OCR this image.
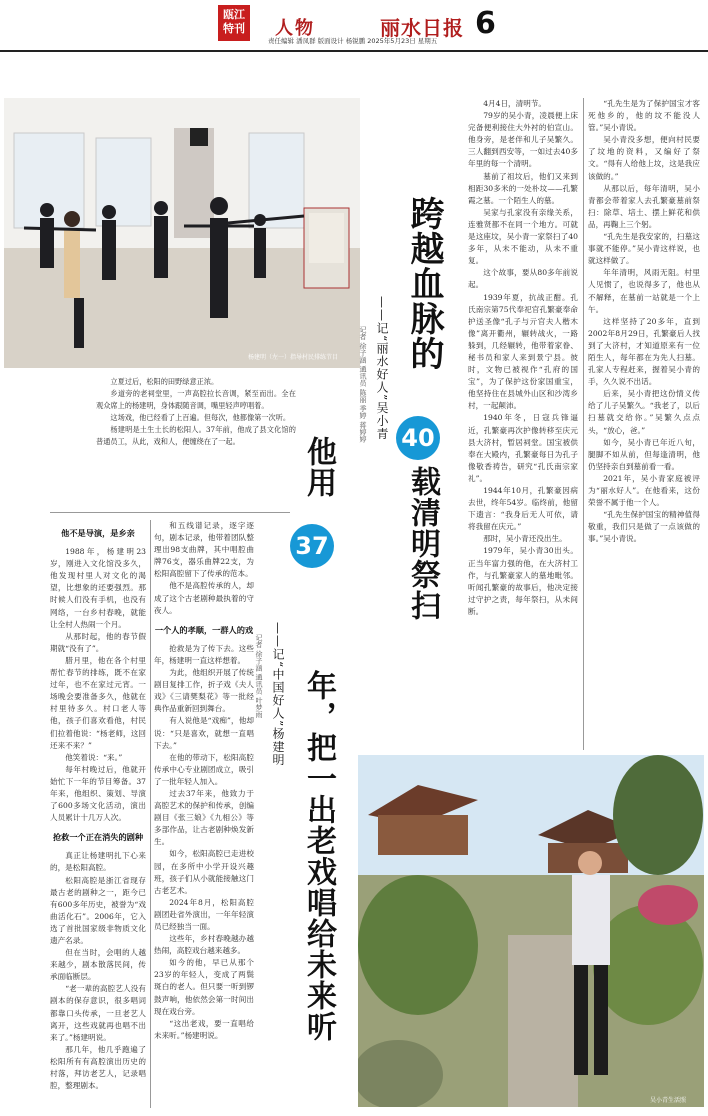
瓯江
特刊 人物	丽水日报 6
责任编辑 潘凤群 版面设计 杨锐鹏 2025年5月23日 星期五
杨建明（左一）指导村民排练节目 跨越血脉的
40
载清明祭扫
——记“丽水好人”吴小青
记者 徐子涵 通讯员 陈丽 季婷 蒋婷婷

4月4日，清明节。

79岁的吴小青，凌晨便上床完备便利接住大外衬的伯宣山。他身旁，是老伴和儿子吴繁久。三人翻到西安等，一如过去40多年里的每一个清明。

墓前了祖坟后，他们又来到相距30多米的一处朴坟——孔繁霞之墓。一个陌生人的墓。

吴家与孔家没有亲缘关系，连雅贤都不在同一个地方。可就是这座坟，吴小青一家祭扫了40多年，从未不能动，从未不重复。

这个故事，要从80多年前说起。

1939年夏，抗战正酣。孔氏南宗第75代奉祀官孔繁豪奉命护送圣像“孔子与亓官夫人楷木像”离开衢州，辗转战火，一路躲到，几经辗转，他带着家眷、秘书员和家人来到景宁县。彼时，文物已被视作“孔府的国宝”，为了保护这份家国重宝，他坚持住在县城外山区和沙湾乡村，一起颠沛。

1940年冬，日寇兵锋逼近，孔繁豪再次护像转移至庆元县大济村，暂居祠堂。国宝被供奉在大殿内，孔繁豪每日为孔子像敬香祷告，研究“孔氏南宗家礼”。

1944年10月，孔繁豪因病去世，终年54岁。临终前，他留下遗言：“我身后无人可依，请将我留在庆元。”

那时，吴小青还没出生。

1979年，吴小青30出头。正当年富力强的他，在大济村工作，与孔繁豪家人的墓地毗邻。听闻孔繁豪的故事后，他决定接过守护之责，每年祭扫，从未间断。

“孔先生是为了保护国宝才客死他乡的，他的坟不能没人管。”吴小青说。

吴小青没多想，便向村民要了坟地的资料，又编好了祭文。“得有人给他上坟，这是我应该做的。”

从那以后，每年清明，吴小青都会带着家人去孔繁豪墓前祭扫：除草、培土、摆上鲜花和供品，再鞠上三个躬。

“孔先生是我安家的，扫墓这事就不能停。”吴小青这样说，也就这样做了。

年年清明，风雨无阻。村里人见惯了，也说得多了，他也从不解释，在墓前一站就是一个上午。

这样坚持了20多年，直到2002年8月29日，孔繁豪后人找到了大济村，才知道原来有一位陌生人，每年都在为先人扫墓。孔家人专程赶来，握着吴小青的手，久久说不出话。

后来，吴小青把这份情义传给了儿子吴繁久。“我老了，以后扫墓就交给你。”吴繁久点点头，“放心，爸。”

如今，吴小青已年近八旬，腿脚不如从前，但每逢清明，他仍坚持亲自到墓前看一看。

2021年，吴小青家庭被评为“丽水好人”。在他看来，这份荣誉不属于他一个人。

“孔先生保护国宝的精神值得敬重，我们只是做了一点该做的事。”吴小青说。

立夏过后，松阳的田野绿意正浓。

乡道旁的老祠堂里，一声高腔拉长音调，紧至而出。全在观众席上的杨建明，身体跟随音调，嘴里轻声哼唱着。

这场戏，他已经看了上百遍。但每次，他都像第一次听。

杨建明是土生土长的松阳人。37年前，他成了县文化馆的普通员工，从此，戏和人，便缠绕在了一起。	他用
37
年，把一出老戏唱给未来听
——记“中国好人”杨建明
记者 徐子涵 通讯员 叶梦雨
他不是导演，是乡亲

1988年，杨建明23岁，刚进入文化馆没多久，他发现村里人对文化的渴望，比想象的还要强烈。那时候人们没有手机，也没有网络，一台乡村春晚，就能让全村人热闹一个月。

从那时起，他的春节假期就“没有了”。

腊月里，他在各个村里帮忙春节的排练，既不在家过年，也不在家过元宵。一场晚会要准备多久，他就在村里待多久。村口老人等他，孩子们喜欢看他，村民们拉着他说：“杨老师，这回还来不来？”

他笑着说：“来。”

每年村晚过后，他就开始忙下一年的节目筹备。37年来，他组织、策划、导演了600多场文化活动，演出人员累计十几万人次。

抢救一个正在消失的剧种

真正让杨建明扎下心来的，是松阳高腔。

松阳高腔是浙江省现存最古老的剧种之一，距今已有600多年历史，被誉为“戏曲活化石”。2006年，它入选了首批国家级非物质文化遗产名录。

但在当时，会唱的人越来越少，剧本散落民间，传承面临断层。

“老一辈的高腔艺人没有剧本的保存意识，很多唱词都靠口头传承，一旦老艺人离开，这些戏就再也唱不出来了。”杨建明说。

那几年，他几乎跑遍了松阳所有有高腔演出历史的村落，拜访老艺人，记录唱腔，整理剧本。

和五线谱记录，逐字逐句，剧本记录，他带着团队整理出98支曲牌，其中唱腔曲牌76支，器乐曲牌22支，为松阳高腔留下了传承的范本。

他不是高腔传承的人，却成了这个古老剧种最执着的守夜人。

一个人的孝顺，一群人的戏

抢救是为了传下去。这些年，杨建明一直这样想着。

为此，他组织开展了传统剧目复排工作，折子戏《夫人戏》《三请樊梨花》等一批经典作品重新回到舞台。

有人说他是“戏痴”，他却说：“只是喜欢，就想一直唱下去。”

在他的带动下，松阳高腔传承中心专业剧团成立，吸引了一批年轻人加入。

过去37年来，他致力于高腔艺术的保护和传承，创编剧目《张三娘》《九相公》等多部作品，让古老剧种焕发新生。

如今，松阳高腔已走进校园，在多所中小学开设兴趣班，孩子们从小就能接触这门古老艺术。

2024年8月，松阳高腔剧团赴省外演出，一年年轻演员已经独当一面。

这些年，乡村春晚越办越热闹，高腔戏台越来越多。

如今的他，早已从那个23岁的年轻人，变成了两鬓斑白的老人。但只要一听到锣鼓声响，他依然会第一时间出现在戏台旁。

“这出老戏，要一直唱给未来听。”杨建明说。

吴小青生活照
